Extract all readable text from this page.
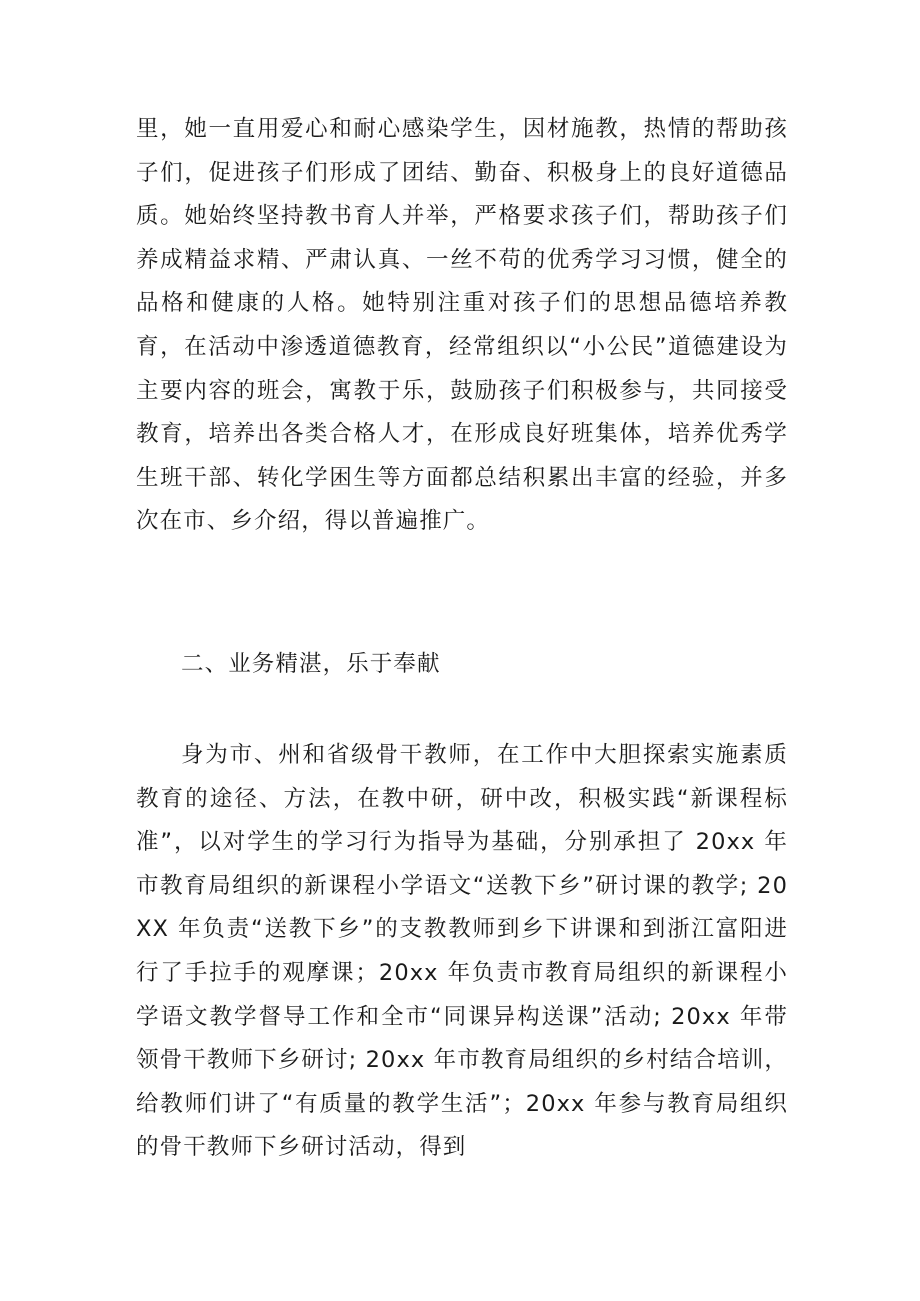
里，她一直用爱心和耐心感染学生，因材施教，热情的帮助孩子们，促进孩子们形成了团结、勤奋、积极身上的良好道德品质。她始终坚持教书育人并举，严格要求孩子们，帮助孩子们养成精益求精、严肃认真、一丝不苟的优秀学习习惯，健全的品格和健康的人格。她特别注重对孩子们的思想品德培养教育，在活动中渗透道德教育，经常组织以“小公民”道德建设为主要内容的班会，寓教于乐，鼓励孩子们积极参与，共同接受教育，培养出各类合格人才，在形成良好班集体，培养优秀学生班干部、转化学困生等方面都总结积累出丰富的经验，并多次在市、乡介绍，得以普遍推广。

二、业务精湛，乐于奉献

身为市、州和省级骨干教师，在工作中大胆探索实施素质教育的途径、方法，在教中研，研中改，积极实践“新课程标准”，以对学生的学习行为指导为基础，分别承担了 20xx 年市教育局组织的新课程小学语文“送教下乡”研讨课的教学; 20XX 年负责“送教下乡”的支教教师到乡下讲课和到浙江富阳进行了手拉手的观摩课；20xx 年负责市教育局组织的新课程小学语文教学督导工作和全市“同课异构送课”活动; 20xx 年带领骨干教师下乡研讨; 20xx 年市教育局组织的乡村结合培训，给教师们讲了“有质量的教学生活”；20xx 年参与教育局组织的骨干教师下乡研讨活动，得到
